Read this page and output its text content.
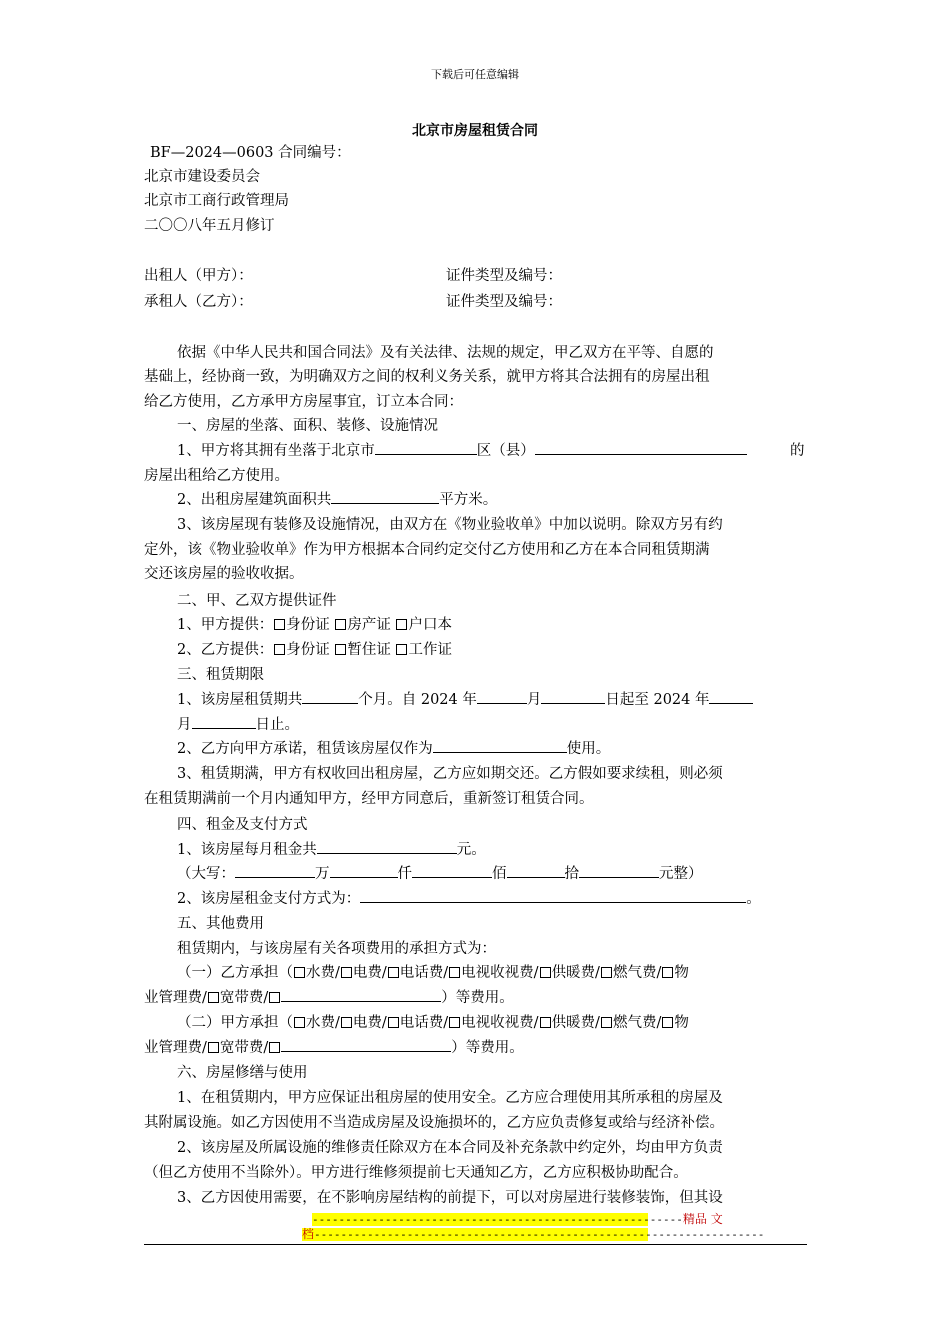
下载后可任意编辑
北京市房屋租赁合同
BF—2024—0603 合同编号：
北京市建设委员会
北京市工商行政管理局
二〇〇八年五月修订
出租人（甲方）：	证件类型及编号：
承租人（乙方）：	证件类型及编号：
依据《中华人民共和国合同法》及有关法律、法规的规定，甲乙双方在平等、自愿的
基础上，经协商一致，为明确双方之间的权利义务关系，就甲方将其合法拥有的房屋出租
给乙方使用，乙方承甲方房屋事宜，订立本合同：
一、房屋的坐落、面积、装修、设施情况
1、甲方将其拥有坐落于北京市	区（县）	的
房屋出租给乙方使用。
2、出租房屋建筑面积共	平方米。
3、该房屋现有装修及设施情况，由双方在《物业验收单》中加以说明。除双方另有约
定外，该《物业验收单》作为甲方根据本合同约定交付乙方使用和乙方在本合同租赁期满
交还该房屋的验收收据。
二、甲、乙双方提供证件
1、甲方提供： 身份证 房产证 户口本
2、乙方提供： 身份证 暂住证 工作证
三、租赁期限
1、该房屋租赁期共	个月。自 2024 年	月	日起至 2024 年
月	日止。
2、乙方向甲方承诺，租赁该房屋仅作为	使用。
3、租赁期满，甲方有权收回出租房屋，乙方应如期交还。乙方假如要求续租，则必须
在租赁期满前一个月内通知甲方，经甲方同意后，重新签订租赁合同。
四、租金及支付方式
1、该房屋每月租金共	元。
（大写：	万	仟	佰	拾	元整）
2、该房屋租金支付方式为：	。
五、其他费用
租赁期内，与该房屋有关各项费用的承担方式为：
（一）乙方承担（ 水费/ 电费/ 电话费/ 电视收视费/ 供暖费/ 燃气费/ 物
业管理费/ 宽带费/	）等费用。
（二）甲方承担（ 水费/ 电费/ 电话费/ 电视收视费/ 供暖费/ 燃气费/ 物
业管理费/ 宽带费/	）等费用。
六、房屋修缮与使用
1、在租赁期内，甲方应保证出租房屋的使用安全。乙方应合理使用其所承租的房屋及
其附属设施。如乙方因使用不当造成房屋及设施损坏的，乙方应负责修复或给与经济补偿。
2、该房屋及所属设施的维修责任除双方在本合同及补充条款中约定外，均由甲方负责
（但乙方使用不当除外）。甲方进行维修须提前七天通知乙方，乙方应积极协助配合。
3、乙方因使用需要，在不影响房屋结构的前提下，可以对房屋进行装修装饰，但其设
--------------------------------------------------------精品 文
档--------------------------------------------------------------------
